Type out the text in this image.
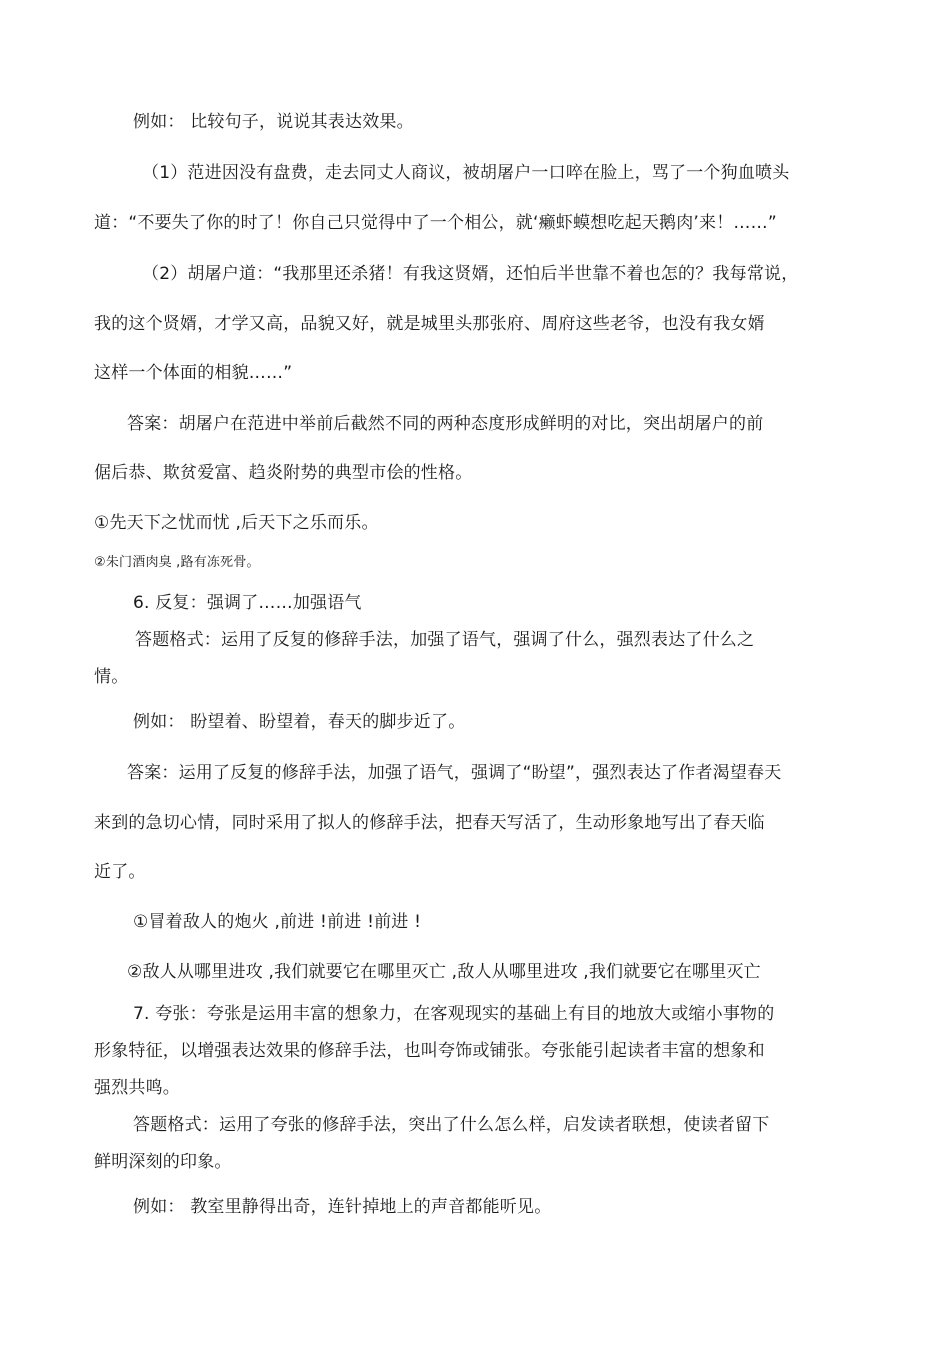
例如： 比较句子，说说其表达效果。
（1）范进因没有盘费，走去同丈人商议，被胡屠户一口啐在脸上，骂了一个狗血喷头
道：“不要失了你的时了！你自己只觉得中了一个相公，就‘癞虾蟆想吃起天鹅肉’来！……”
（2）胡屠户道：“我那里还杀猪！有我这贤婿，还怕后半世靠不着也怎的？我每常说，
我的这个贤婿，才学又高，品貌又好，就是城里头那张府、周府这些老爷，也没有我女婿
这样一个体面的相貌……”
答案：胡屠户在范进中举前后截然不同的两种态度形成鲜明的对比，突出胡屠户的前
倨后恭、欺贫爱富、趋炎附势的典型市侩的性格。
①先天下之忧而忧 ,后天下之乐而乐。
②朱门酒肉臭 ,路有冻死骨。
6. 反复：强调了……加强语气
答题格式：运用了反复的修辞手法，加强了语气，强调了什么，强烈表达了什么之
情。
例如： 盼望着、盼望着，春天的脚步近了。
答案：运用了反复的修辞手法，加强了语气，强调了“盼望”，强烈表达了作者渴望春天
来到的急切心情，同时采用了拟人的修辞手法，把春天写活了，生动形象地写出了春天临
近了。
①冒着敌人的炮火 ,前进 !前进 !前进 !
②敌人从哪里进攻 ,我们就要它在哪里灭亡 ,敌人从哪里进攻 ,我们就要它在哪里灭亡
7. 夸张：夸张是运用丰富的想象力，在客观现实的基础上有目的地放大或缩小事物的
形象特征，以增强表达效果的修辞手法，也叫夸饰或铺张。夸张能引起读者丰富的想象和
强烈共鸣。
答题格式：运用了夸张的修辞手法，突出了什么怎么样，启发读者联想，使读者留下
鲜明深刻的印象。
例如： 教室里静得出奇，连针掉地上的声音都能听见。
